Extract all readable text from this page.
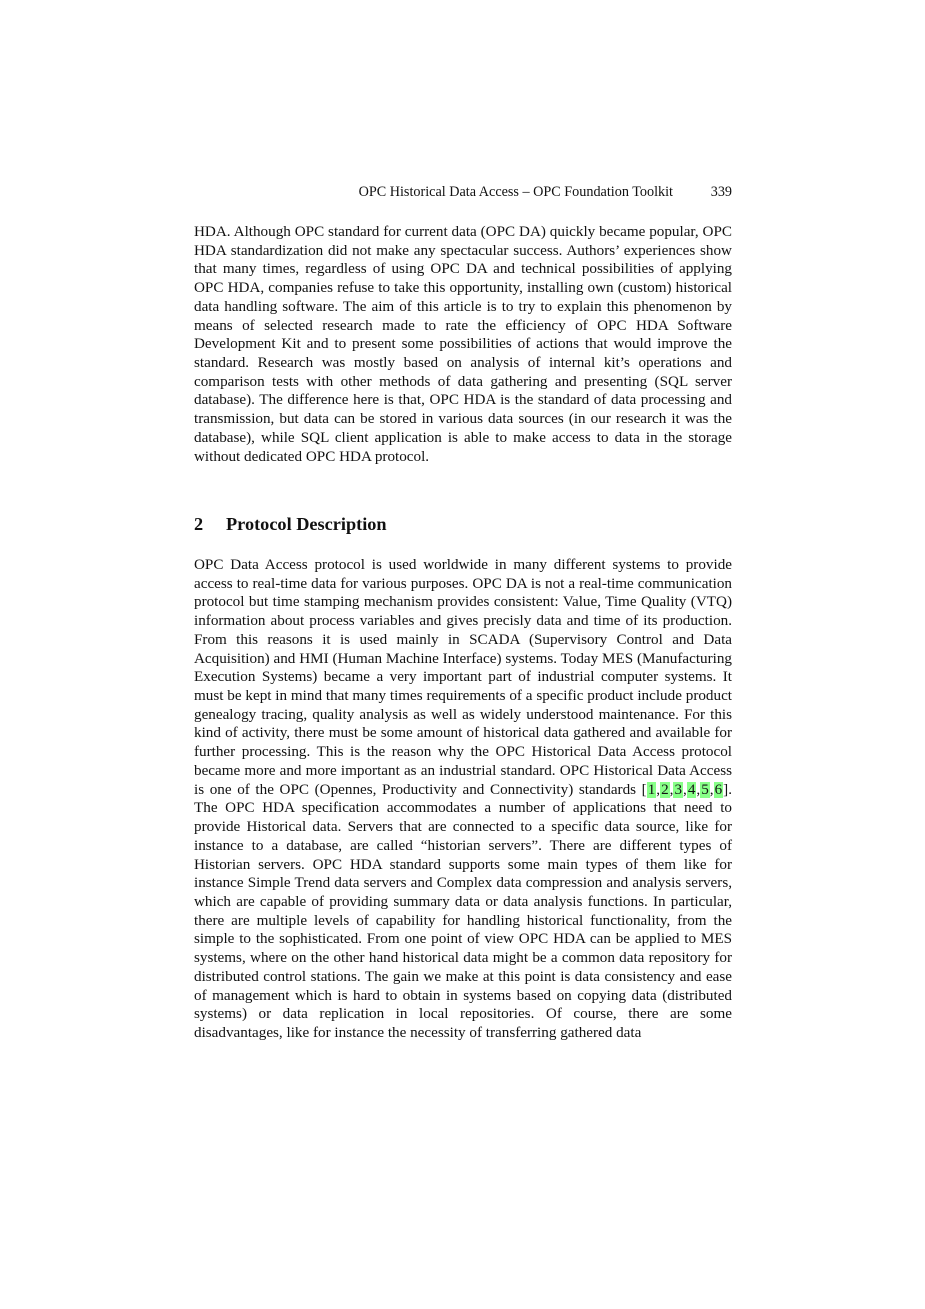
OPC Historical Data Access – OPC Foundation Toolkit	339

HDA. Although OPC standard for current data (OPC DA) quickly became popular, OPC HDA standardization did not make any spectacular success. Authors’ experiences show that many times, regardless of using OPC DA and technical possibilities of applying OPC HDA, companies refuse to take this opportunity, installing own (custom) historical data handling software. The aim of this article is to try to explain this phenomenon by means of selected research made to rate the efficiency of OPC HDA Software Development Kit and to present some possibilities of actions that would improve the standard. Research was mostly based on analysis of internal kit’s operations and comparison tests with other methods of data gathering and presenting (SQL server database). The difference here is that, OPC HDA is the standard of data processing and transmission, but data can be stored in various data sources (in our research it was the database), while SQL client application is able to make access to data in the storage without dedicated OPC HDA protocol.

2 Protocol Description

OPC Data Access protocol is used worldwide in many different systems to provide access to real-time data for various purposes. OPC DA is not a real-time communication protocol but time stamping mechanism provides consistent: Value, Time Quality (VTQ) information about process variables and gives precisly data and time of its production. From this reasons it is used mainly in SCADA (Supervisory Control and Data Acquisition) and HMI (Human Machine Interface) systems. Today MES (Manufacturing Execution Systems) became a very important part of industrial computer systems. It must be kept in mind that many times requirements of a specific product include product genealogy tracing, quality analysis as well as widely understood maintenance. For this kind of activity, there must be some amount of historical data gathered and available for further processing. This is the reason why the OPC Historical Data Access protocol became more and more important as an industrial standard. OPC Historical Data Access is one of the OPC (Opennes, Productivity and Connectivity) standards [1,2,3,4,5,6]. The OPC HDA specification accommodates a number of applications that need to provide Historical data. Servers that are connected to a specific data source, like for instance to a database, are called “historian servers”. There are different types of Historian servers. OPC HDA standard supports some main types of them like for instance Simple Trend data servers and Complex data compression and analysis servers, which are capable of providing summary data or data analysis functions. In particular, there are multiple levels of capability for handling historical functionality, from the simple to the sophisticated. From one point of view OPC HDA can be applied to MES systems, where on the other hand historical data might be a common data repository for distributed control stations. The gain we make at this point is data consistency and ease of management which is hard to obtain in systems based on copying data (distributed systems) or data replication in local repositories. Of course, there are some disadvantages, like for instance the necessity of transferring gathered data
